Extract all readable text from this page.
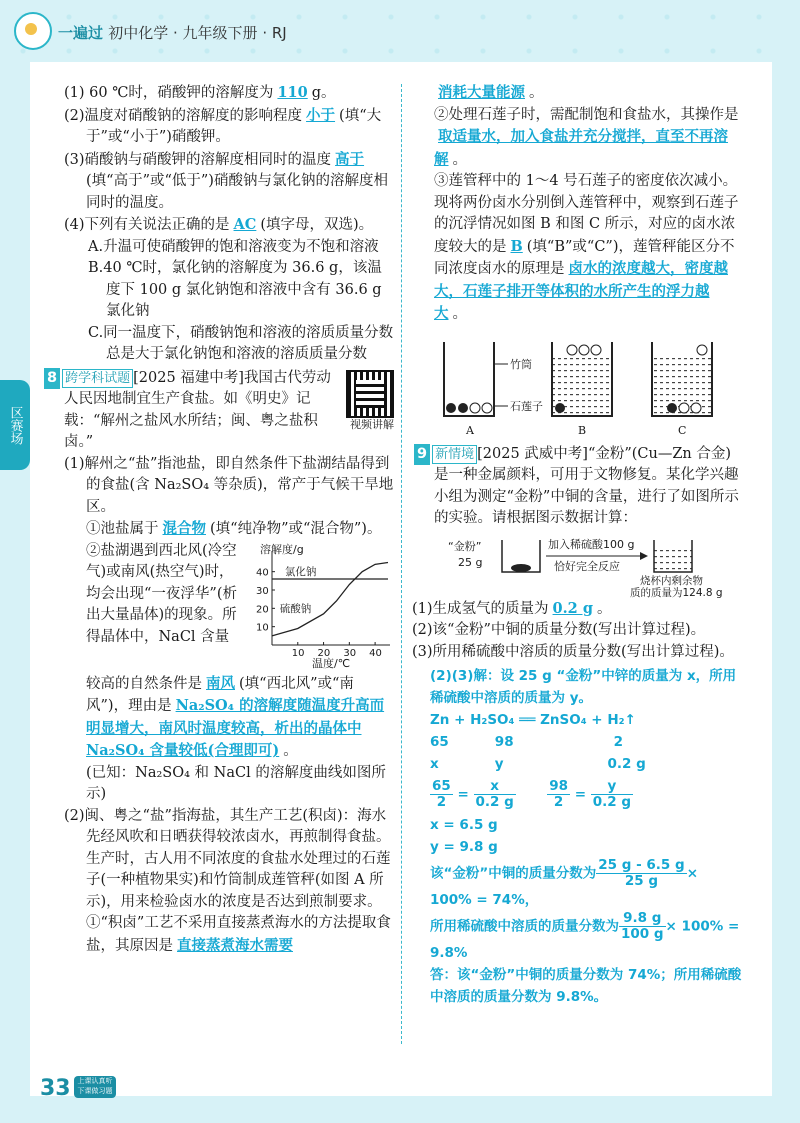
一遍过 初中化学 · 九年级下册 · RJ
区赛场
33 上课认真听 下课做习题

(1) 60 ℃时，硝酸钾的溶解度为 110 g。

(2)温度对硝酸钠的溶解度的影响程度 小于 (填“大于”或“小于”)硝酸钾。

(3)硝酸钠与硝酸钾的溶解度相同时的温度 高于(填“高于”或“低于”)硝酸钠与氯化钠的溶解度相同时的温度。

(4)下列有关说法正确的是 AC (填字母，双选)。

A.升温可使硝酸钾的饱和溶液变为不饱和溶液

B.40 ℃时，氯化钠的溶解度为 36.6 g，该温度下 100 g 氯化钠饱和溶液中含有 36.6 g 氯化钠

C.同一温度下，硝酸钠饱和溶液的溶质质量分数总是大于氯化钠饱和溶液的溶质质量分数

视频讲解

8 跨学科试题 [2025 福建中考]我国古代劳动人民因地制宜生产食盐。如《明史》记载：“解州之盐风水所结；闽、粤之盐积卤。”

(1)解州之“盐”指池盐，即自然条件下盐湖结晶得到的食盐(含 Na₂SO₄ 等杂质)，常产于气候干旱地区。

①池盐属于 混合物 (填“纯净物”或“混合物”)。

溶解度/g
温度/℃
10 20 30 40
10
20
30
40 氯化钠
硫酸钠

②盐湖遇到西北风(冷空气)或南风(热空气)时，均会出现“一夜浮华”(析出大量晶体)的现象。所得晶体中，NaCl 含量

较高的自然条件是 南风 (填“西北风”或“南风”)，理由是 Na₂SO₄ 的溶解度随温度升高而明显增大，南风时温度较高，析出的晶体中 Na₂SO₄ 含量较低(合理即可) 。

(已知：Na₂SO₄ 和 NaCl 的溶解度曲线如图所示)

(2)闽、粤之“盐”指海盐，其生产工艺(积卤)：海水先经风吹和日晒获得较浓卤水，再煎制得食盐。生产时，古人用不同浓度的食盐水处理过的石莲子(一种植物果实)和竹筒制成莲管秤(如图 A 所示)，用来检验卤水的浓度是否达到煎制要求。

①“积卤”工艺不采用直接蒸煮海水的方法提取食盐，其原因是 直接蒸煮海水需要

消耗大量能源 。

②处理石莲子时，需配制饱和食盐水，其操作是取适量水，加入食盐并充分搅拌，直至不再溶解 。

③莲管秤中的 1～4 号石莲子的密度依次减小。现将两份卤水分别倒入莲管秤中，观察到石莲子的沉浮情况如图 B 和图 C 所示，对应的卤水浓度较大的是 B (填“B”或“C”)，莲管秤能区分不同浓度卤水的原理是 卤水的浓度越大，密度越大，石莲子排开等体积的水所产生的浮力越大 。

竹筒
石莲子
A	B	C

9 新情境 [2025 武威中考]“金粉”(Cu—Zn 合金)是一种金属颜料，可用于文物修复。某化学兴趣小组为测定“金粉”中铜的含量，进行了如图所示的实验。请根据图示数据计算：

“金粉”
25 g
加入稀硫酸100 g
恰好完全反应
烧杯内剩余物
质的质量为124.8 g

(1)生成氢气的质量为 0.2 g 。

(2)该“金粉”中铜的质量分数(写出计算过程)。

(3)所用稀硫酸中溶质的质量分数(写出计算过程)。

(2)(3)解：设 25 g “金粉”中锌的质量为 x，所用稀硫酸中溶质的质量为 y。

Zn + H₂SO₄ ══ ZnSO₄ + H₂↑

65	98	2

x	y	0.2 g

$\frac{65}{2} = \frac{x}{0.2 g}$
$\frac{98}{2} = \frac{y}{0.2 g}$

x = 6.5 g

y = 9.8 g

该“金粉”中铜的质量分数为 $\frac{25 g - 6.5 g}{25 g} \times 100\% = 74\%$，

所用稀硫酸中溶质的质量分数为 $\frac{9.8 g}{100 g} \times 100\% = 9.8\%$

答：该“金粉”中铜的质量分数为 74%；所用稀硫酸中溶质的质量分数为 9.8%。
